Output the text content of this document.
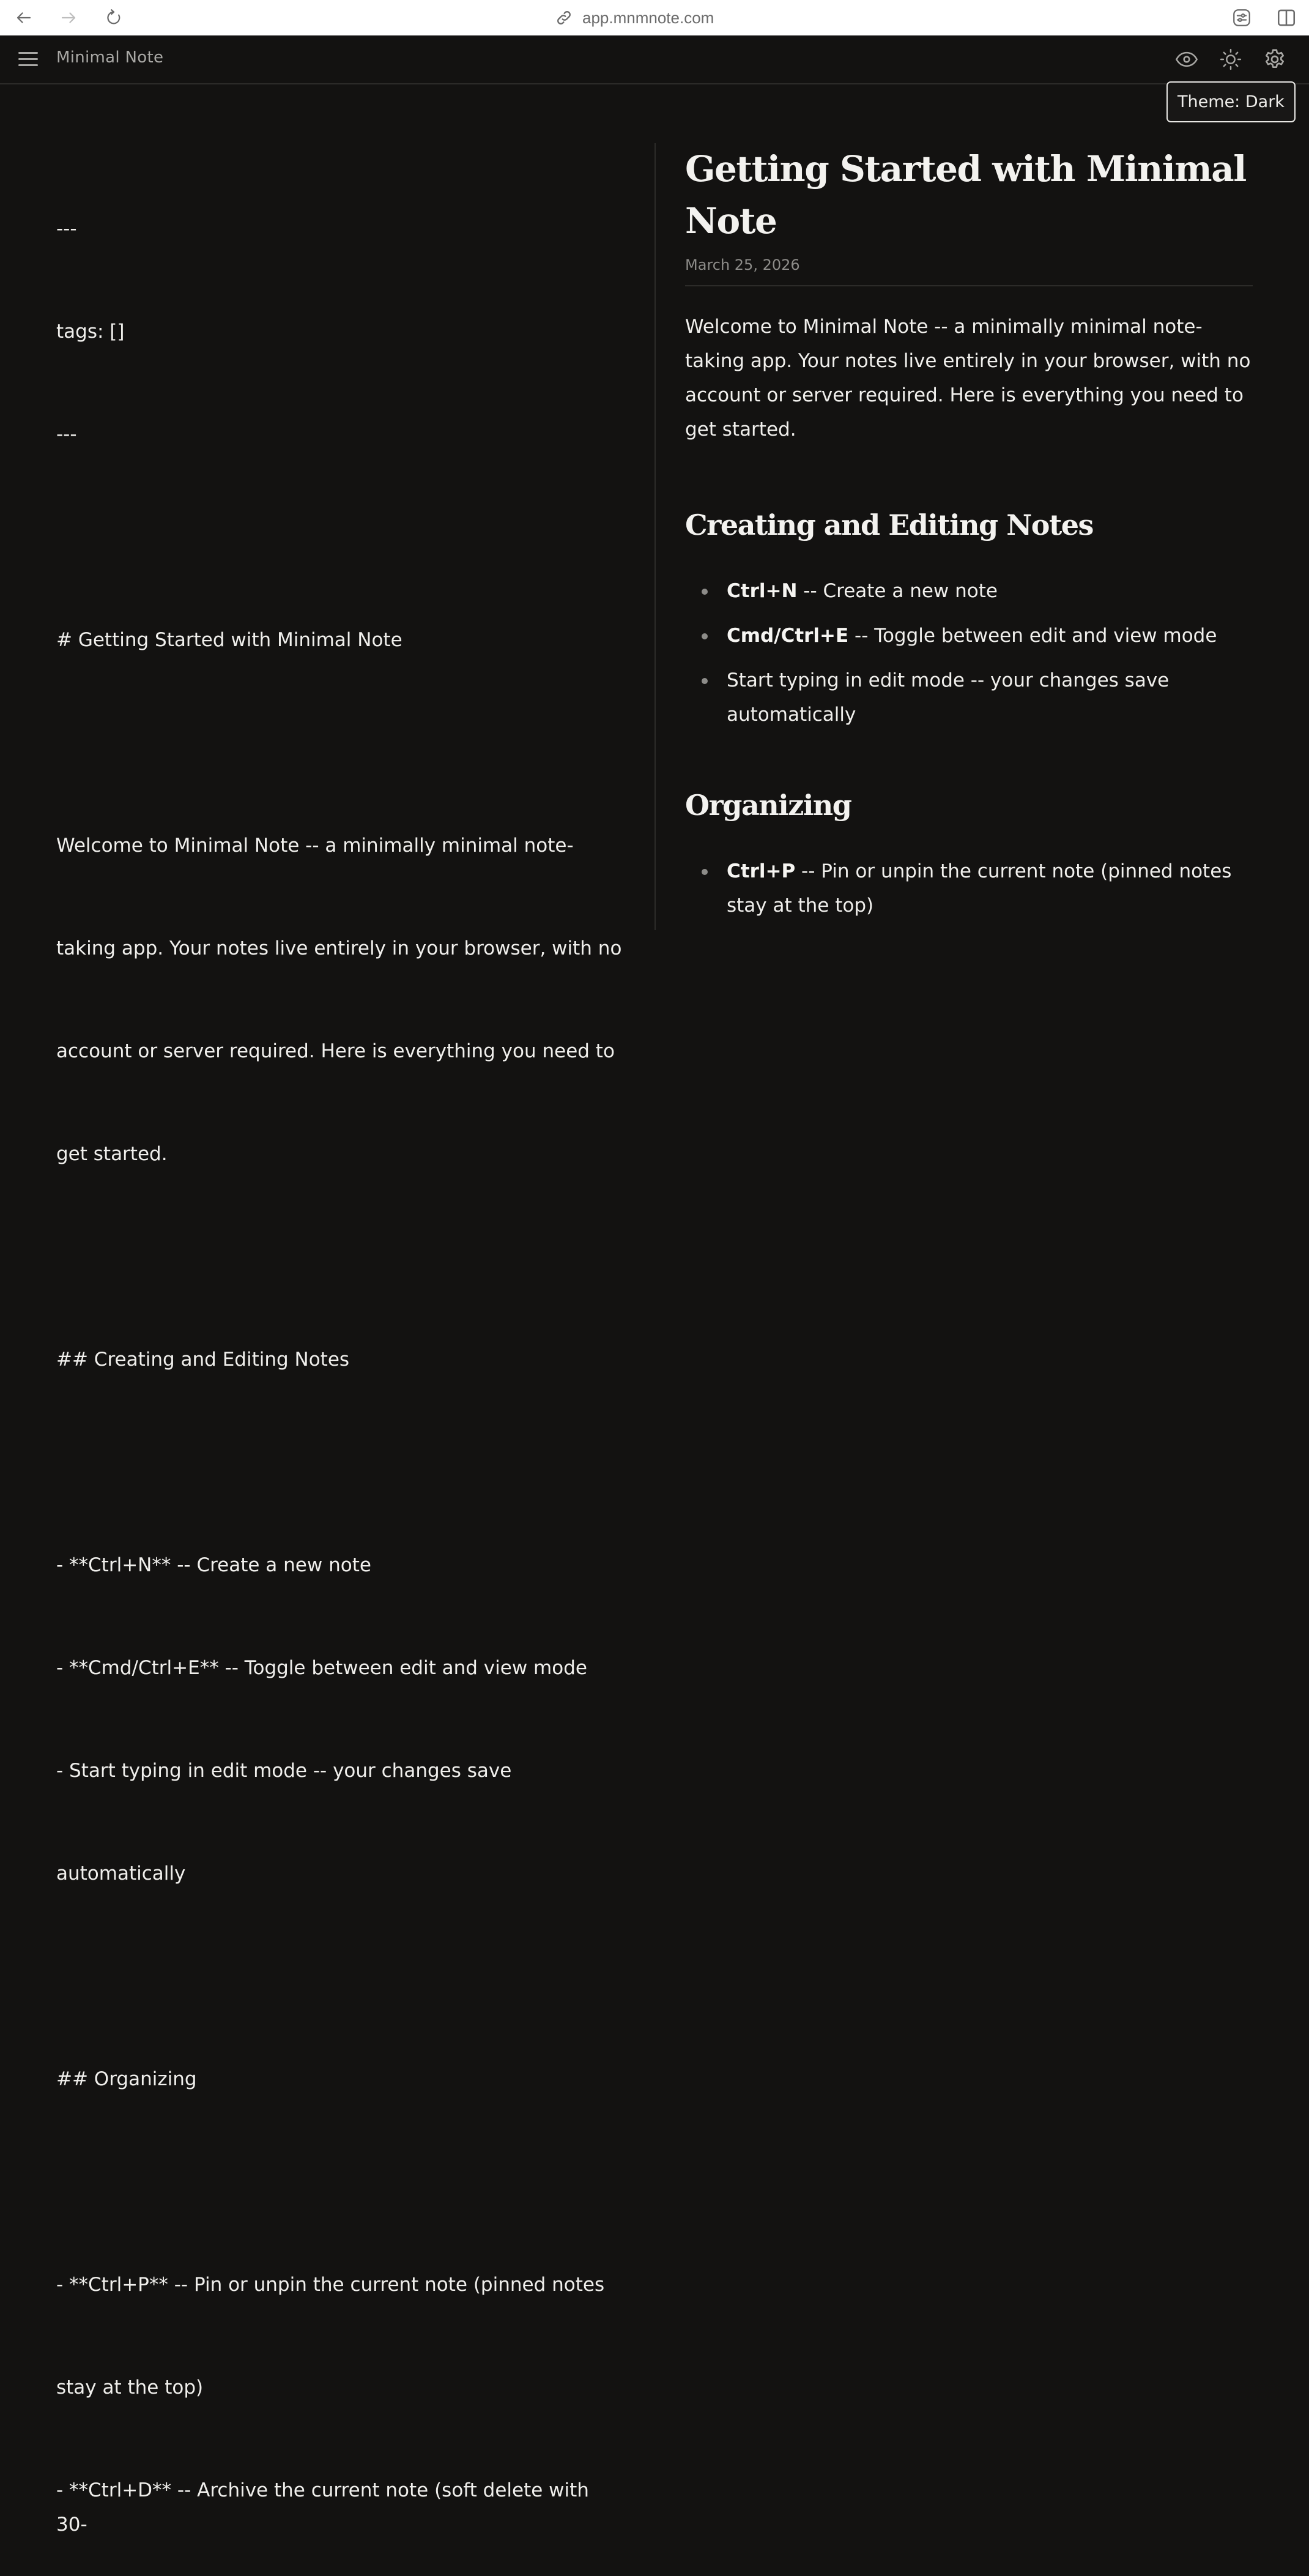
app.mnmnote.com
Minimal Note
Theme: Dark

---

tags: []

---

# Getting Started with Minimal Note

Welcome to Minimal Note -- a minimally minimal note-

taking app. Your notes live entirely in your browser, with no

account or server required. Here is everything you need to

get started.

## Creating and Editing Notes

- **Ctrl+N** -- Create a new note

- **Cmd/Ctrl+E** -- Toggle between edit and view mode

- Start typing in edit mode -- your changes save

automatically

## Organizing

- **Ctrl+P** -- Pin or unpin the current note (pinned notes

stay at the top)

- **Ctrl+D** -- Archive the current note (soft delete with 30-

Getting Started with Minimal Note
March 25, 2026

Welcome to Minimal Note -- a minimally minimal note-taking app. Your notes live entirely in your browser, with no account or server required. Here is everything you need to get started.

Creating and Editing Notes
Ctrl+N -- Create a new note
Cmd/Ctrl+E -- Toggle between edit and view mode
Start typing in edit mode -- your changes save automatically
Organizing
Ctrl+P -- Pin or unpin the current note (pinned notes stay at the top)
